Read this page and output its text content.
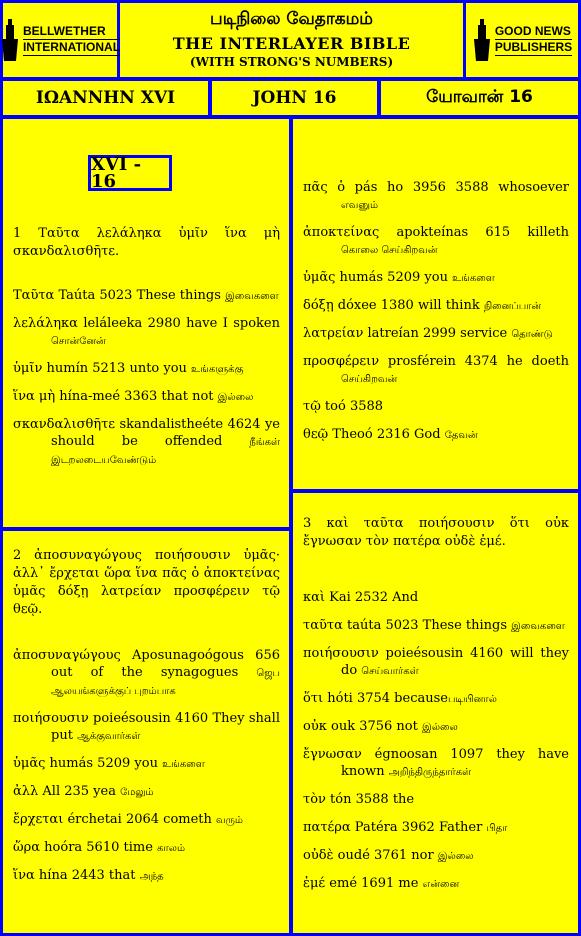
BELLWETHER
INTERNATIONAL
படிநிலை வேதாகமம்
THE INTERLAYER BIBLE
(WITH STRONG'S NUMBERS)
GOOD NEWS
PUBLISHERS
ΙΩΑΝΝΗΝ XVI	JOHN 16	யோவான் 16
XVI - 16
1 Ταῦτα λελάληκα ὑμῖν ἵνα μὴ σκανδαλισθῆτε.
Ταῦτα Taúta 5023 These things இவைகளை
λελάληκα leláleeka 2980 have I spoken சொன்னேன்
ὑμῖν humín 5213 unto you உங்களுக்கு
ἵνα μὴ hína-meé 3363 that not இல்லை
σκανδαλισθῆτε skandalistheéte 4624 ye should be offended நீங்கள் இடறலடையவேண்டும்
2 ἀποσυναγώγους ποιήσουσιν ὑμᾶς· ἀλλ᾽ ἔρχεται ὥρα ἵνα πᾶς ὁ ἀποκτείνας ὑμᾶς δόξῃ λατρείαν προσφέρειν τῷ θεῷ.
ἀποσυναγώγους Aposunagoógous 656 out of the synagogues ஜெப ஆலயங்களுக்குப் புறம்பாக
ποιήσουσιν poieésousin 4160 They shall put ஆக்குவார்கள்
ὑμᾶς humás 5209 you உங்களை
ἀλλ All 235 yea மேலும்
ἔρχεται érchetai 2064 cometh வரும்
ὥρα hoóra 5610 time காலம்
ἵνα hína 2443 that அந்த
πᾶς ὁ pás ho 3956 3588 whosoever எவனும்
ἀποκτείνας apokteínas 615 killeth கொலை செய்கிறவன்
ὑμᾶς humás 5209 you உங்களை
δόξῃ dóxee 1380 will think நினைப்பான்
λατρείαν latreían 2999 service தொண்டு
προσφέρειν prosférein 4374 he doeth செய்கிறவன்
τῷ toó 3588
θεῷ Theoó 2316 God தேவன்
3 καὶ ταῦτα ποιήσουσιν ὅτι οὐκ ἔγνωσαν τὸν πατέρα οὐδὲ ἐμέ.
καὶ Kai 2532 And
ταῦτα taúta 5023 These things இவைகளை
ποιήσουσιν poieésousin 4160 will they do செய்வார்கள்
ὅτι hóti 3754 becauseபடியினால்
οὐκ ouk 3756 not இல்லை
ἔγνωσαν égnoosan 1097 they have known அறிந்திருந்தார்கள்
τὸν tón 3588 the
πατέρα Patéra 3962 Father பிதா
οὐδὲ oudé 3761 nor இல்லை
ἐμέ emé 1691 me என்னை
